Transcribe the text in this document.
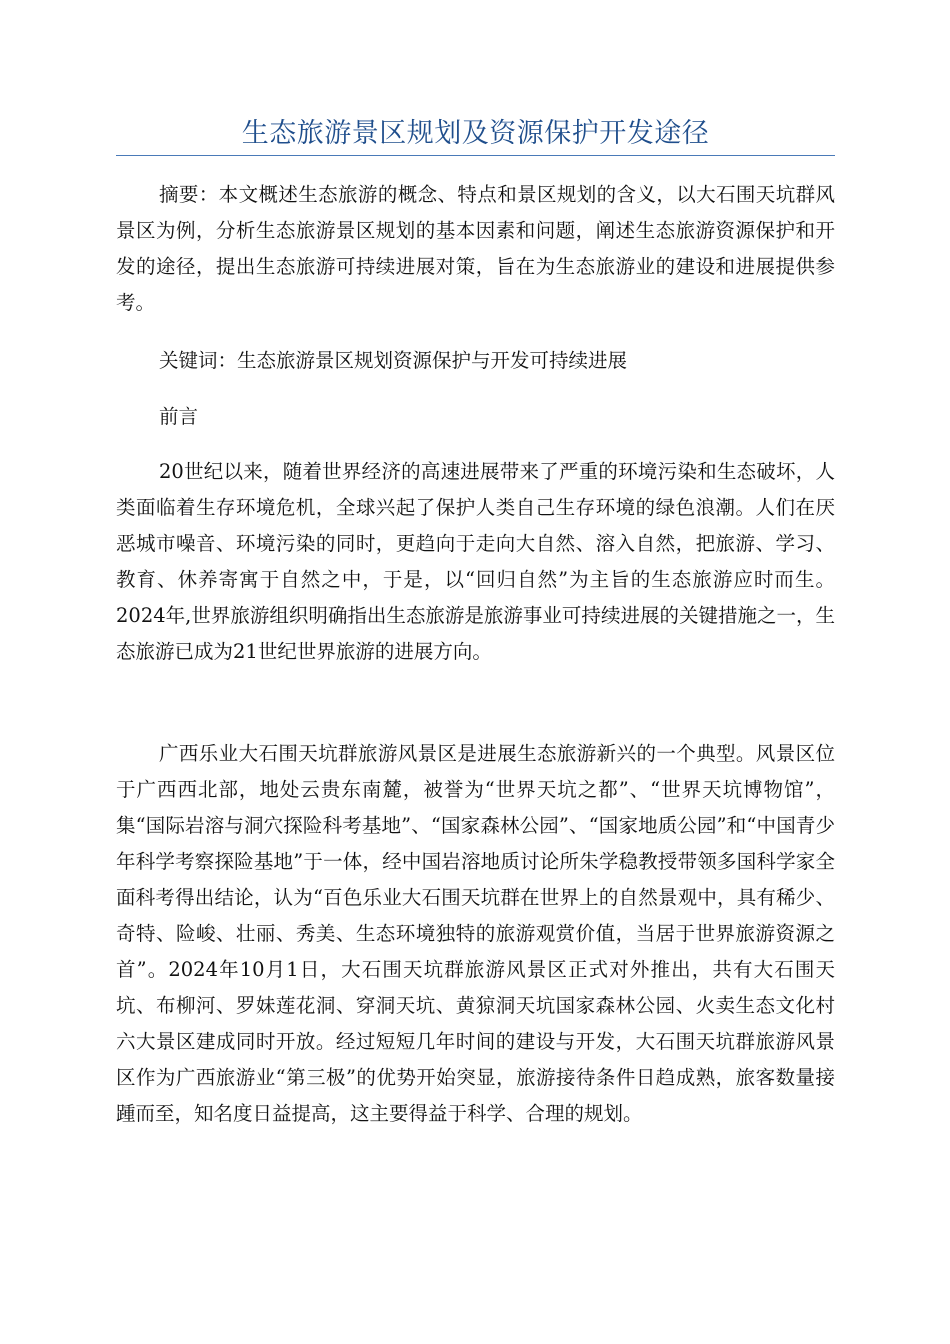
生态旅游景区规划及资源保护开发途径

摘要：本文概述生态旅游的概念、特点和景区规划的含义，以大石围天坑群风景区为例，分析生态旅游景区规划的基本因素和问题，阐述生态旅游资源保护和开发的途径，提出生态旅游可持续进展对策，旨在为生态旅游业的建设和进展提供参考。

关键词：生态旅游景区规划资源保护与开发可持续进展

前言

20世纪以来，随着世界经济的高速进展带来了严重的环境污染和生态破坏，人类面临着生存环境危机，全球兴起了保护人类自己生存环境的绿色浪潮。人们在厌恶城市噪音、环境污染的同时，更趋向于走向大自然、溶入自然，把旅游、学习、教育、休养寄寓于自然之中，于是，以“回归自然”为主旨的生态旅游应时而生。2024年,世界旅游组织明确指出生态旅游是旅游事业可持续进展的关键措施之一，生态旅游已成为21世纪世界旅游的进展方向。

广西乐业大石围天坑群旅游风景区是进展生态旅游新兴的一个典型。风景区位于广西西北部，地处云贵东南麓，被誉为“世界天坑之都”、“世界天坑博物馆”，集“国际岩溶与洞穴探险科考基地”、“国家森林公园”、“国家地质公园”和“中国青少年科学考察探险基地”于一体，经中国岩溶地质讨论所朱学稳教授带领多国科学家全面科考得出结论，认为“百色乐业大石围天坑群在世界上的自然景观中，具有稀少、奇特、险峻、壮丽、秀美、生态环境独特的旅游观赏价值，当居于世界旅游资源之首”。2024年10月1日，大石围天坑群旅游风景区正式对外推出，共有大石围天坑、布柳河、罗妹莲花洞、穿洞天坑、黄猄洞天坑国家森林公园、火卖生态文化村六大景区建成同时开放。经过短短几年时间的建设与开发，大石围天坑群旅游风景区作为广西旅游业“第三极”的优势开始突显，旅游接待条件日趋成熟，旅客数量接踵而至，知名度日益提高，这主要得益于科学、合理的规划。
